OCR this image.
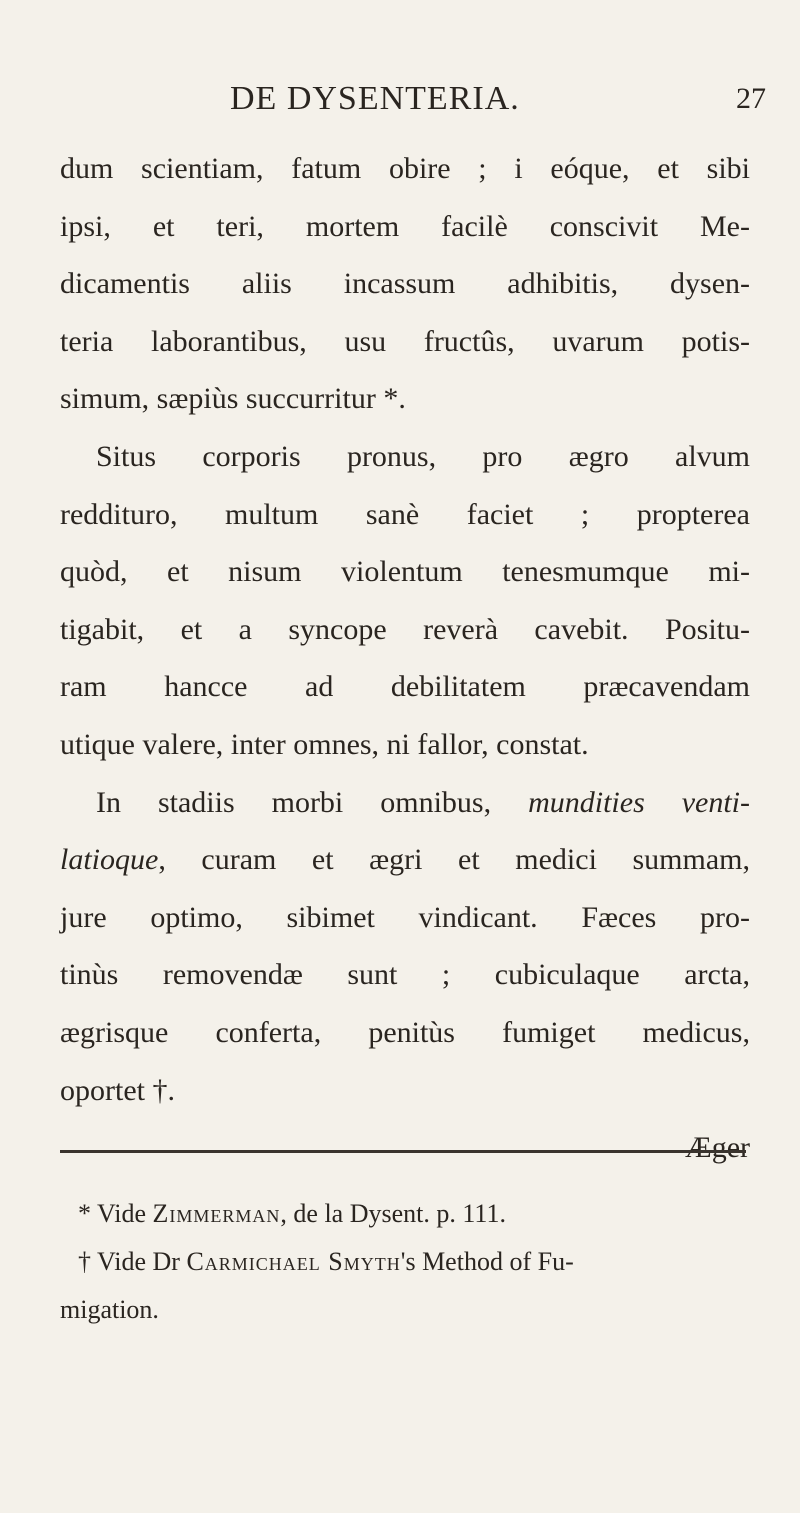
DE DYSENTERIA.	27
dum scientiam, fatum obire ; i eóque, et sibi
ipsi, et teri, mortem facilè conscivit Me-
dicamentis aliis incassum adhibitis, dysen-
teria laborantibus, usu fructûs, uvarum potis-
simum, sæpiùs succurritur *.
Situs corporis pronus, pro ægro alvum
reddituro, multum sanè faciet ; propterea
quòd, et nisum violentum tenesmumque mi-
tigabit, et a syncope reverà cavebit. Positu-
ram hancce ad debilitatem præcavendam
utique valere, inter omnes, ni fallor, constat.
In stadiis morbi omnibus, mundities venti-
latioque, curam et ægri et medici summam,
jure optimo, sibimet vindicant. Fæces pro-
tinùs removendæ sunt ; cubiculaque arcta,
ægrisque conferta, penitùs fumiget medicus,
oportet †.
Æger
* Vide Zimmerman, de la Dysent. p. 111.
† Vide Dr Carmichael Smyth's Method of Fu-
migation.
